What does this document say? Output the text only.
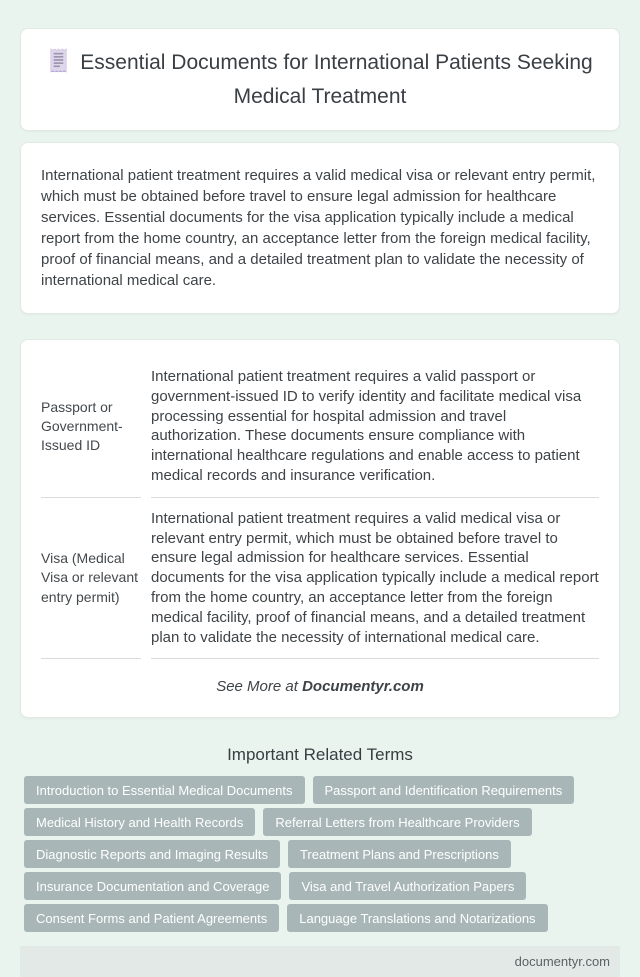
Essential Documents for International Patients Seeking Medical Treatment

International patient treatment requires a valid medical visa or relevant entry permit, which must be obtained before travel to ensure legal admission for healthcare services. Essential documents for the visa application typically include a medical report from the home country, an acceptance letter from the foreign medical facility, proof of financial means, and a detailed treatment plan to validate the necessity of international medical care.

Passport or Government-Issued ID
International patient treatment requires a valid passport or government-issued ID to verify identity and facilitate medical visa processing essential for hospital admission and travel authorization. These documents ensure compliance with international healthcare regulations and enable access to patient medical records and insurance verification.
Visa (Medical Visa or relevant entry permit)
International patient treatment requires a valid medical visa or relevant entry permit, which must be obtained before travel to ensure legal admission for healthcare services. Essential documents for the visa application typically include a medical report from the home country, an acceptance letter from the foreign medical facility, proof of financial means, and a detailed treatment plan to validate the necessity of international medical care.
See More at Documentyr.com
Important Related Terms
Introduction to Essential Medical Documents	Passport and Identification Requirements
Medical History and Health Records	Referral Letters from Healthcare Providers
Diagnostic Reports and Imaging Results	Treatment Plans and Prescriptions
Insurance Documentation and Coverage	Visa and Travel Authorization Papers
Consent Forms and Patient Agreements	Language Translations and Notarizations
documentyr.com
